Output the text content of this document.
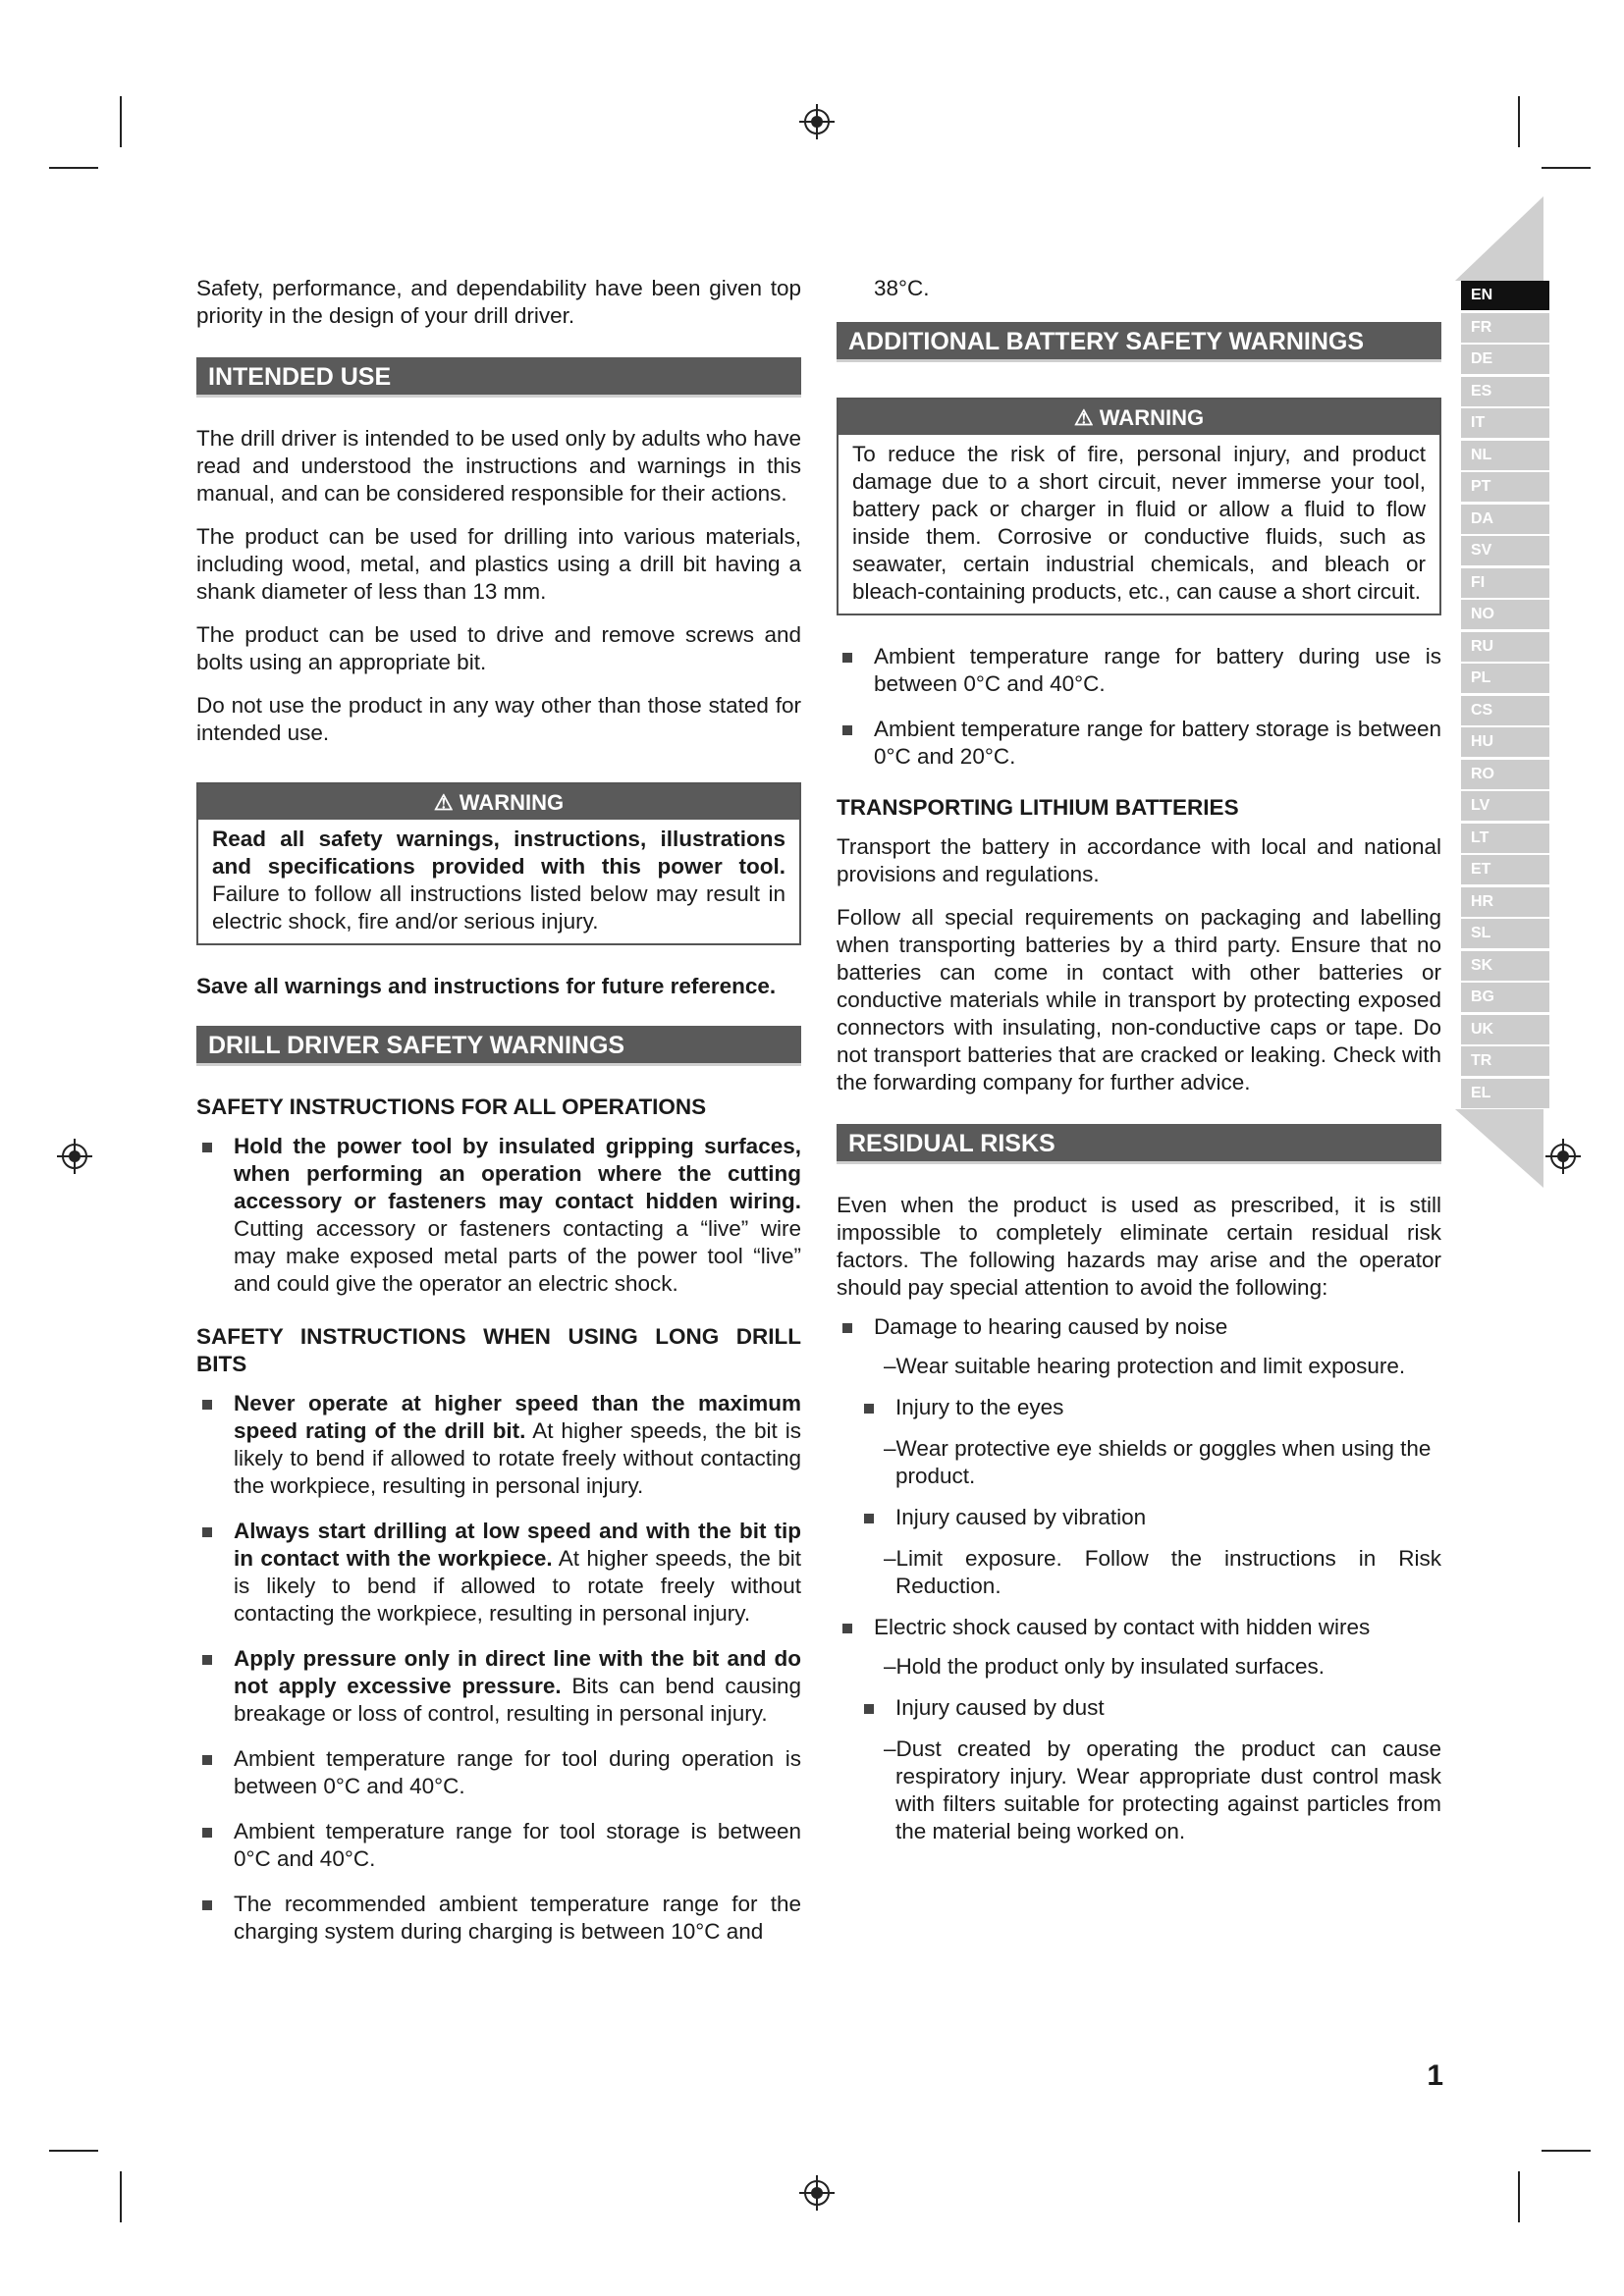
EN
FR
DE
ES
IT
NL
PT
DA
SV
FI
NO
RU
PL
CS
HU
RO
LV
LT
ET
HR
SL
SK
BG
UK
TR
EL

Safety, performance, and dependability have been given top priority in the design of your drill driver.

INTENDED USE

The drill driver is intended to be used only by adults who have read and understood the instructions and warnings in this manual, and can be considered responsible for their actions.

The product can be used for drilling into various materials, including wood, metal, and plastics using a drill bit having a shank diameter of less than 13 mm.

The product can be used to drive and remove screws and bolts using an appropriate bit.

Do not use the product in any way other than those stated for intended use.

⚠ WARNING
Read all safety warnings, instructions, illustrations and specifications provided with this power tool. Failure to follow all instructions listed below may result in electric shock, fire and/or serious injury.

Save all warnings and instructions for future reference.

DRILL DRIVER SAFETY WARNINGS
SAFETY INSTRUCTIONS FOR ALL OPERATIONS
Hold the power tool by insulated gripping surfaces, when performing an operation where the cutting accessory or fasteners may contact hidden wiring. Cutting accessory or fasteners contacting a “live” wire may make exposed metal parts of the power tool “live” and could give the operator an electric shock.
SAFETY INSTRUCTIONS WHEN USING LONG DRILL BITS
Never operate at higher speed than the maximum speed rating of the drill bit. At higher speeds, the bit is likely to bend if allowed to rotate freely without contacting the workpiece, resulting in personal injury.
Always start drilling at low speed and with the bit tip in contact with the workpiece. At higher speeds, the bit is likely to bend if allowed to rotate freely without contacting the workpiece, resulting in personal injury.
Apply pressure only in direct line with the bit and do not apply excessive pressure. Bits can bend causing breakage or loss of control, resulting in personal injury.
Ambient temperature range for tool during operation is between 0°C and 40°C.
Ambient temperature range for tool storage is between 0°C and 40°C.
The recommended ambient temperature range for the charging system during charging is between 10°C and

38°C.

ADDITIONAL BATTERY SAFETY WARNINGS
⚠ WARNING
To reduce the risk of fire, personal injury, and product damage due to a short circuit, never immerse your tool, battery pack or charger in fluid or allow a fluid to flow inside them. Corrosive or conductive fluids, such as seawater, certain industrial chemicals, and bleach or bleach-containing products, etc., can cause a short circuit.
Ambient temperature range for battery during use is between 0°C and 40°C.
Ambient temperature range for battery storage is between 0°C and 20°C.
TRANSPORTING LITHIUM BATTERIES

Transport the battery in accordance with local and national provisions and regulations.

Follow all special requirements on packaging and labelling when transporting batteries by a third party. Ensure that no batteries can come in contact with other batteries or conductive materials while in transport by protecting exposed connectors with insulating, non-conductive caps or tape. Do not transport batteries that are cracked or leaking. Check with the forwarding company for further advice.

RESIDUAL RISKS

Even when the product is used as prescribed, it is still impossible to completely eliminate certain residual risk factors. The following hazards may arise and the operator should pay special attention to avoid the following:

Damage to hearing caused by noise
–Wear suitable hearing protection and limit exposure.
Injury to the eyes
–Wear protective eye shields or goggles when using the product.
Injury caused by vibration
–Limit exposure. Follow the instructions in Risk Reduction.
Electric shock caused by contact with hidden wires
–Hold the product only by insulated surfaces.
Injury caused by dust
–Dust created by operating the product can cause respiratory injury. Wear appropriate dust control mask with filters suitable for protecting against particles from the material being worked on.
1
